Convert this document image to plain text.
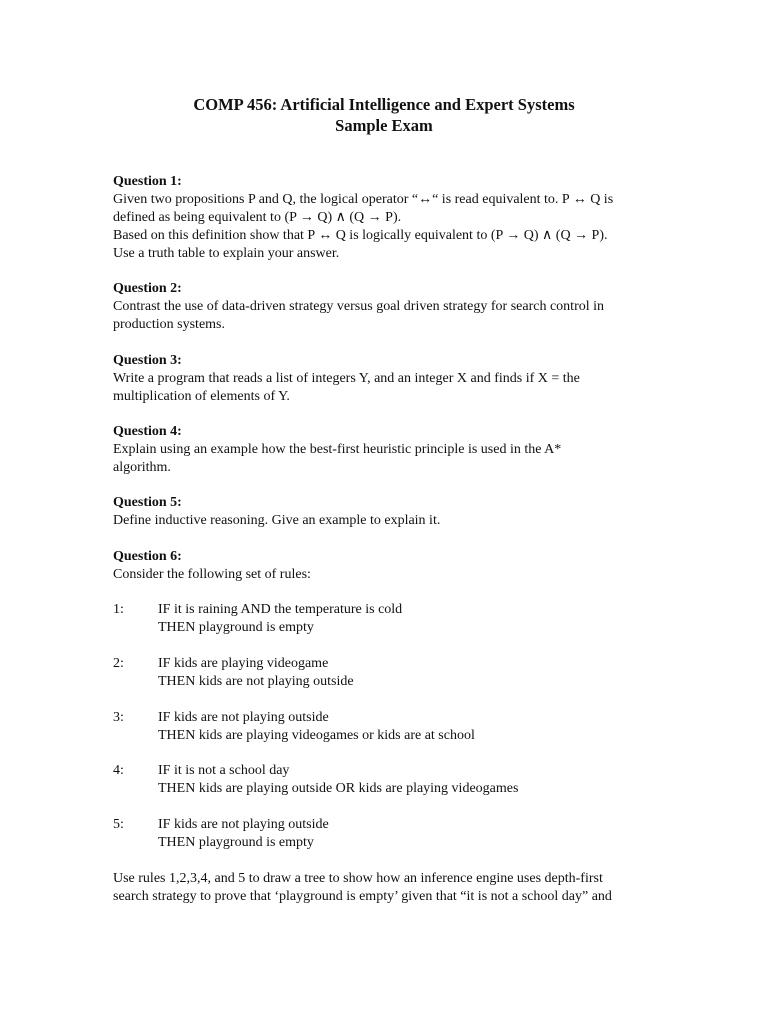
COMP 456: Artificial Intelligence and Expert Systems
Sample Exam
Question 1:
Given two propositions P and Q, the logical operator “↔“ is read equivalent to. P ↔ Q is
defined as being equivalent to (P → Q) ∧ (Q → P).
Based on this definition show that P ↔ Q is logically equivalent to (P → Q) ∧ (Q → P).
Use a truth table to explain your answer.
Question 2:
Contrast the use of data-driven strategy versus goal driven strategy for search control in
production systems.
Question 3:
Write a program that reads a list of integers Y, and an integer X and finds if X = the
multiplication of elements of Y.
Question 4:
Explain using an example how the best-first heuristic principle is used in the A*
algorithm.
Question 5:
Define inductive reasoning. Give an example to explain it.
Question 6:
Consider the following set of rules:
1: IF it is raining AND the temperature is cold
THEN playground is empty
2: IF kids are playing videogame
THEN kids are not playing outside
3: IF kids are not playing outside
THEN kids are playing videogames or kids are at school
4: IF it is not a school day
THEN kids are playing outside OR kids are playing videogames
5: IF kids are not playing outside
THEN playground is empty
Use rules 1,2,3,4, and 5 to draw a tree to show how an inference engine uses depth-first
search strategy to prove that ‘playground is empty’ given that “it is not a school day” and
